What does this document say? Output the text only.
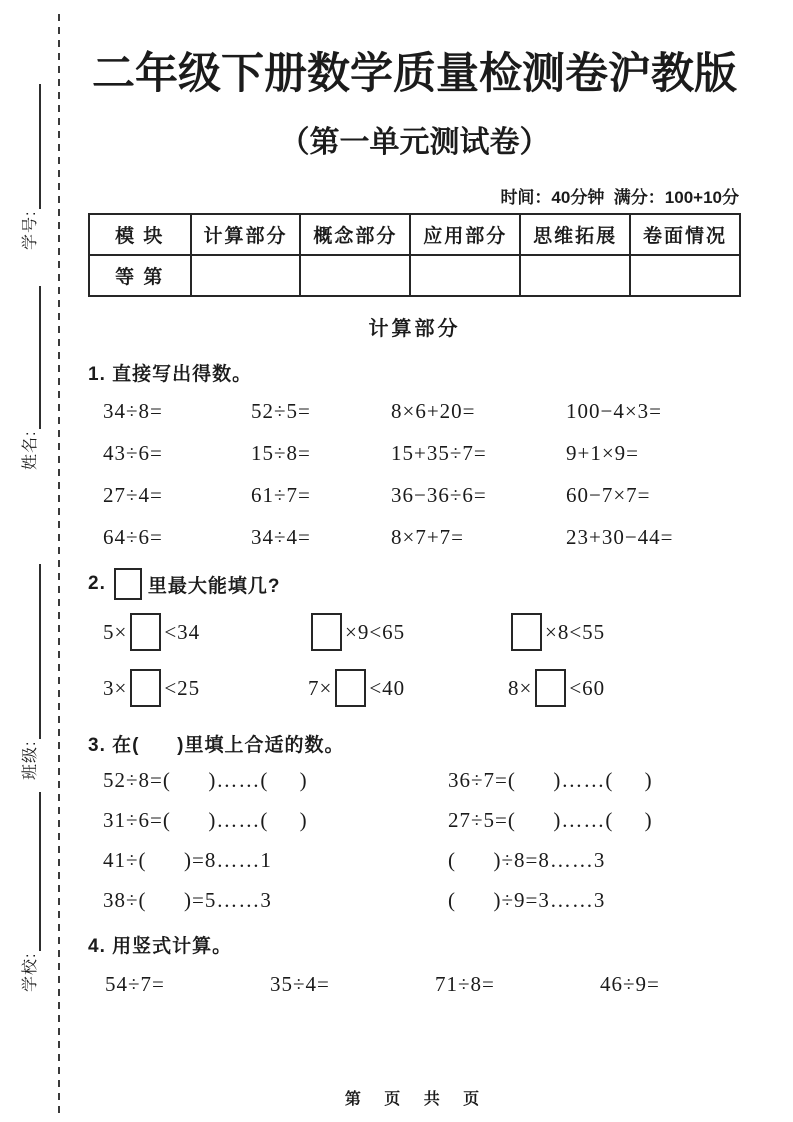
学号:
姓名:
班级:
学校:
二年级下册数学质量检测卷沪教版
（第一单元测试卷）
时间：40分钟  满分：100+10分
模 块	计算部分	概念部分	应用部分	思维拓展	卷面情况
等 第					
计算部分
1. 直接写出得数。
34÷8=	52÷5=	8×6+20=	100−4×3=
43÷6=	15÷8=	15+35÷7=	9+1×9=
27÷4=	61÷7=	36−36÷6=	60−7×7=
64÷6=	34÷4=	8×7+7=	23+30−44=
2. 里最大能填几?
5× <34	×9<65	×8<55
3× <25	7× <40	8× <60
3. 在(      )里填上合适的数。
52÷8=(      )……(     )	36÷7=(      )……(     )
31÷6=(      )……(     )	27÷5=(      )……(     )
41÷(      )=8……1	(      )÷8=8……3
38÷(      )=5……3	(      )÷9=3……3
4. 用竖式计算。
54÷7=	35÷4=	71÷8=	46÷9=
第 页 共 页
